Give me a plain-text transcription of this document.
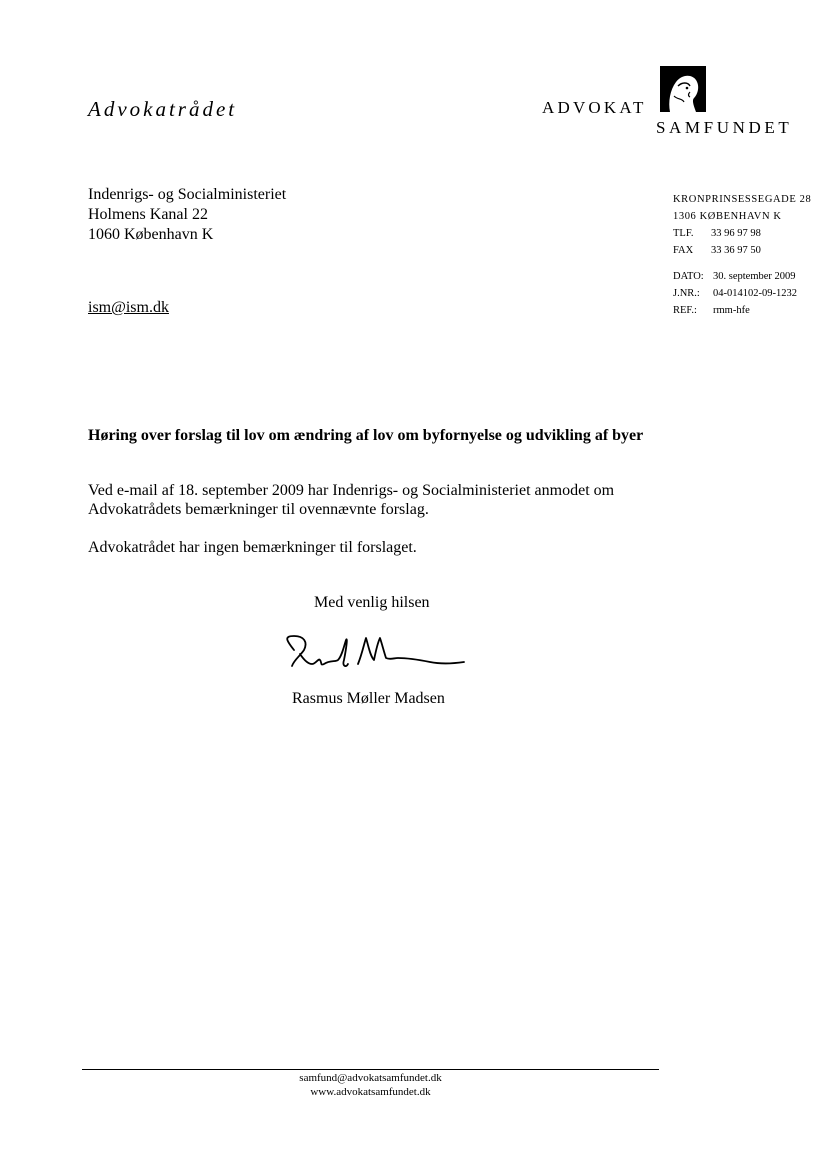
Advokatrådet	ADVOKAT
SAMFUNDET
Indenrigs- og Socialministeriet
Holmens Kanal 22
1060 København K
ism@ism.dk
KRONPRINSESSEGADE 28
1306 KØBENHAVN K
TLF.	33 96 97 98
FAX	33 36 97 50
DATO: 30. september 2009
J.NR.:	04-014102-09-1232
REF.:	rmm-hfe
Høring over forslag til lov om ændring af lov om byfornyelse og udvikling af byer
Ved e-mail af 18. september 2009 har Indenrigs- og Socialministeriet anmodet om Advokatrådets bemærkninger til ovennævnte forslag.
Advokatrådet har ingen bemærkninger til forslaget.
Med venlig hilsen
Rasmus Møller Madsen
samfund@advokatsamfundet.dk
www.advokatsamfundet.dk
